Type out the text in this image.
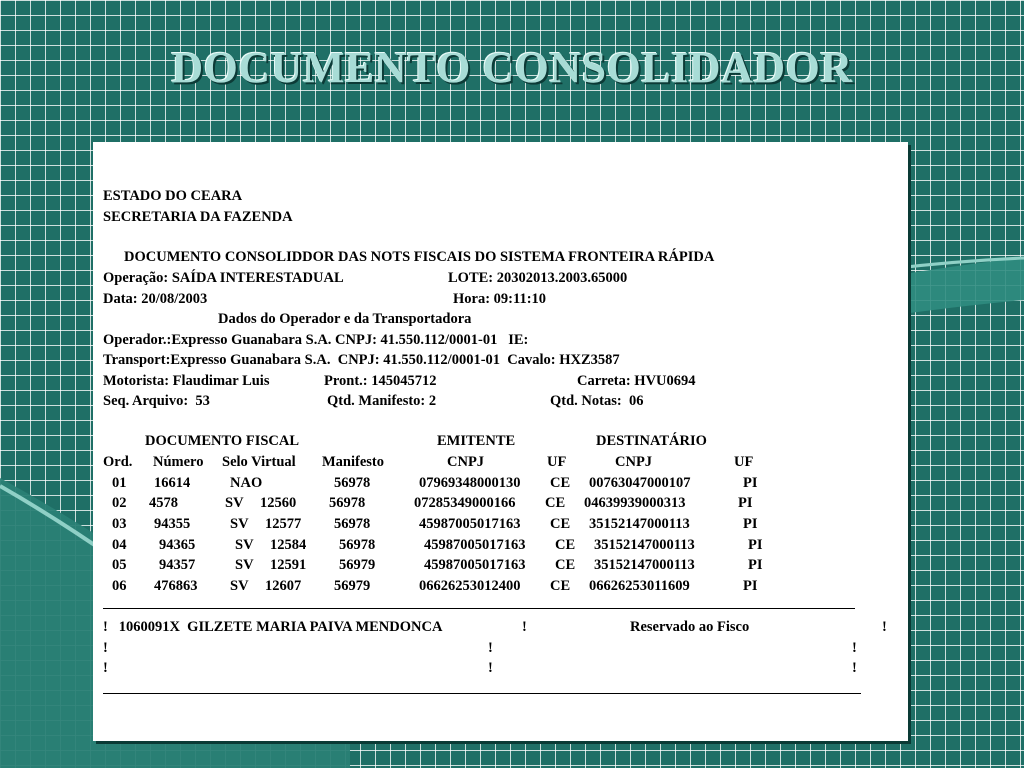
DOCUMENTO CONSOLIDADOR
ESTADO DO CEARA
SECRETARIA DA FAZENDA
DOCUMENTO CONSOLIDDOR DAS NOTS FISCAIS DO SISTEMA FRONTEIRA RÁPIDA
Operação: SAÍDA INTERESTADUAL	LOTE: 20302013.2003.65000
Data: 20/08/2003	Hora: 09:11:10
Dados do Operador e da Transportadora
Operador.:Expresso Guanabara S.A. CNPJ: 41.550.112/0001-01   IE:
Transport:Expresso Guanabara S.A.  CNPJ: 41.550.112/0001-01  Cavalo: HXZ3587
Motorista: Flaudimar Luis	Pront.: 145045712	Carreta: HVU0694
Seq. Arquivo:  53	Qtd. Manifesto: 2	Qtd. Notas:  06
DOCUMENTO FISCAL	EMITENTE	DESTINATÁRIO
Ord. Número Selo Virtual Manifesto	CNPJ	UF	CNPJ	UF
01 16614	NAO	56978	07969348000130 CE 00763047000107	PI
02 4578	SV 12560 56978	07285349000166 CE 04639939000313	PI
03 94355	SV 12577 56978	45987005017163 CE 35152147000113	PI
04 94365	SV 12584 56978	45987005017163 CE 35152147000113	PI
05 94357	SV 12591 56979	45987005017163 CE 35152147000113	PI
06 476863 SV 12607 56979	06626253012400 CE 06626253011609	PI
!   1060091X  GILZETE MARIA PAIVA MENDONCA	!	Reservado ao Fisco	!
!	!	!
!	!	!
